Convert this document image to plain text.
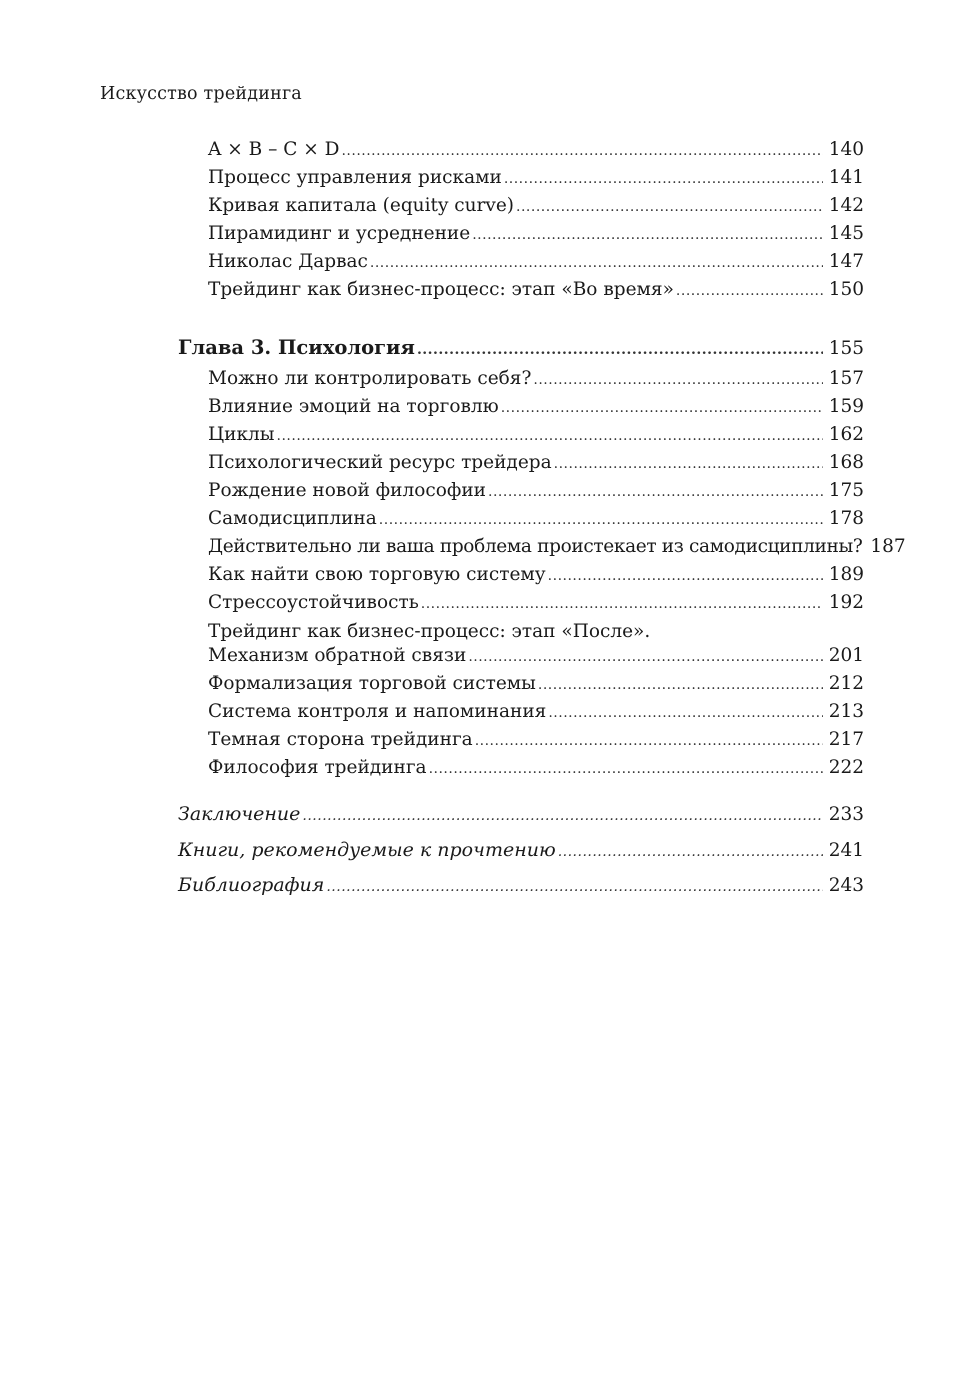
Искусство трейдинга
A × B – C × D .....	140
Процесс управления рисками .....	141
Кривая капитала (equity curve) .....	142
Пирамидинг и усреднение .....	145
Николас Дарвас .....	147
Трейдинг как бизнес-процесс: этап «Во время» .....	150
Глава 3. Психология .....	155
Можно ли контролировать себя? .....	157
Влияние эмоций на торговлю .....	159
Циклы .....	162
Психологический ресурс трейдера .....	168
Рождение новой философии .....	175
Самодисциплина .....	178
Действительно ли ваша проблема проистекает из самодисциплины? 187
Как найти свою торговую систему .....	189
Стрессоустойчивость .....	192
Трейдинг как бизнес-процесс: этап «После».
Механизм обратной связи .....	201
Формализация торговой системы .....	212
Система контроля и напоминания .....	213
Темная сторона трейдинга .....	217
Философия трейдинга .....	222
Заключение .....	233
Книги, рекомендуемые к прочтению .....	241
Библиография .....	243
